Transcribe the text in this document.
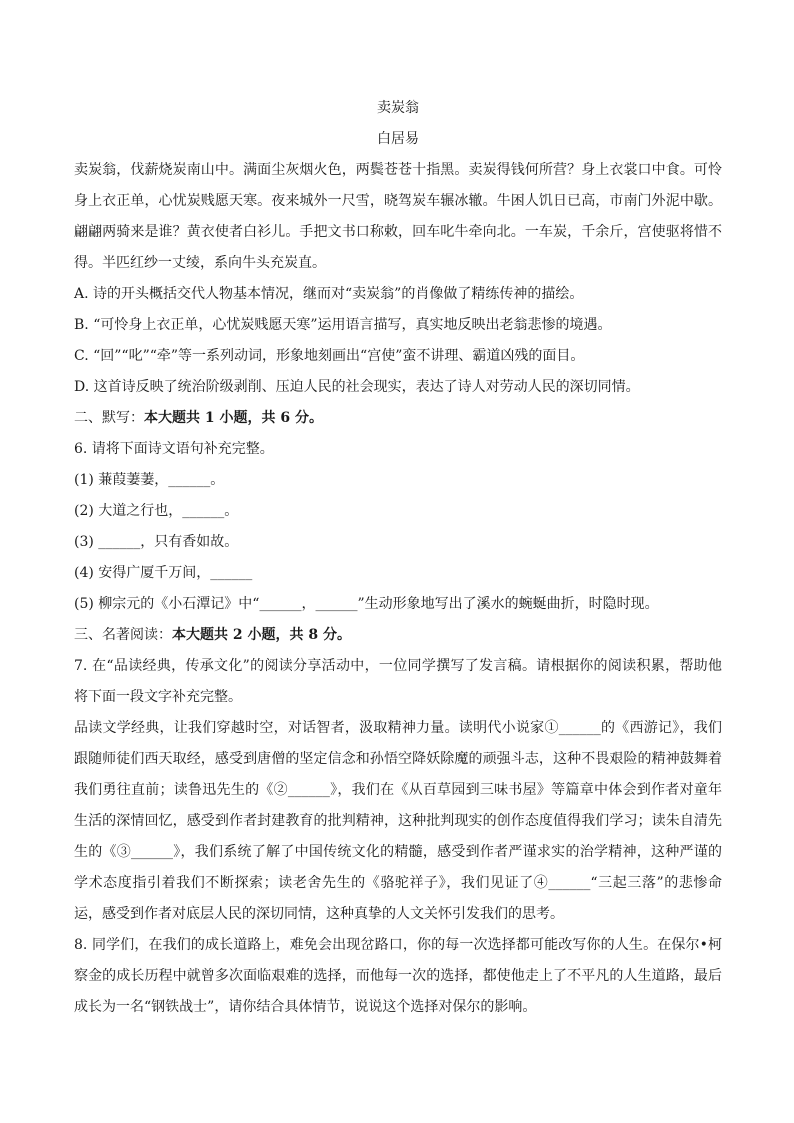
卖炭翁

白居易

卖炭翁，伐薪烧炭南山中。满面尘灰烟火色，两鬓苍苍十指黑。卖炭得钱何所营？身上衣裳口中食。可怜身上衣正单，心忧炭贱愿天寒。夜来城外一尺雪，晓驾炭车辗冰辙。牛困人饥日已高，市南门外泥中歇。翩翩两骑来是谁？黄衣使者白衫儿。手把文书口称敕，回车叱牛牵向北。一车炭，千余斤，宫使驱将惜不得。半匹红纱一丈绫，系向牛头充炭直。

A. 诗的开头概括交代人物基本情况，继而对“卖炭翁”的肖像做了精练传神的描绘。

B. “可怜身上衣正单，心忧炭贱愿天寒”运用语言描写，真实地反映出老翁悲惨的境遇。

C. “回”“叱”“牵”等一系列动词，形象地刻画出“宫使”蛮不讲理、霸道凶残的面目。

D. 这首诗反映了统治阶级剥削、压迫人民的社会现实，表达了诗人对劳动人民的深切同情。

二、默写：本大题共 1 小题，共 6 分。

6. 请将下面诗文语句补充完整。

(1) 蒹葭萋萋，______。

(2) 大道之行也，______。

(3) ______，只有香如故。

(4) 安得广厦千万间，______

(5) 柳宗元的《小石潭记》中“______，______”生动形象地写出了溪水的蜿蜒曲折，时隐时现。

三、名著阅读：本大题共 2 小题，共 8 分。

7. 在“品读经典，传承文化”的阅读分享活动中，一位同学撰写了发言稿。请根据你的阅读积累，帮助他将下面一段文字补充完整。

品读文学经典，让我们穿越时空，对话智者，汲取精神力量。读明代小说家①______的《西游记》，我们跟随师徒们西天取经，感受到唐僧的坚定信念和孙悟空降妖除魔的顽强斗志，这种不畏艰险的精神鼓舞着我们勇往直前；读鲁迅先生的《②______》，我们在《从百草园到三味书屋》等篇章中体会到作者对童年生活的深情回忆，感受到作者封建教育的批判精神，这种批判现实的创作态度值得我们学习；读朱自清先生的《③______》，我们系统了解了中国传统文化的精髓，感受到作者严谨求实的治学精神，这种严谨的学术态度指引着我们不断探索；读老舍先生的《骆驼祥子》，我们见证了④______“三起三落”的悲惨命运，感受到作者对底层人民的深切同情，这种真挚的人文关怀引发我们的思考。

8. 同学们，在我们的成长道路上，难免会出现岔路口，你的每一次选择都可能改写你的人生。在保尔•柯察金的成长历程中就曾多次面临艰难的选择，而他每一次的选择，都使他走上了不平凡的人生道路，最后成长为一名“钢铁战士”，请你结合具体情节，说说这个选择对保尔的影响。
